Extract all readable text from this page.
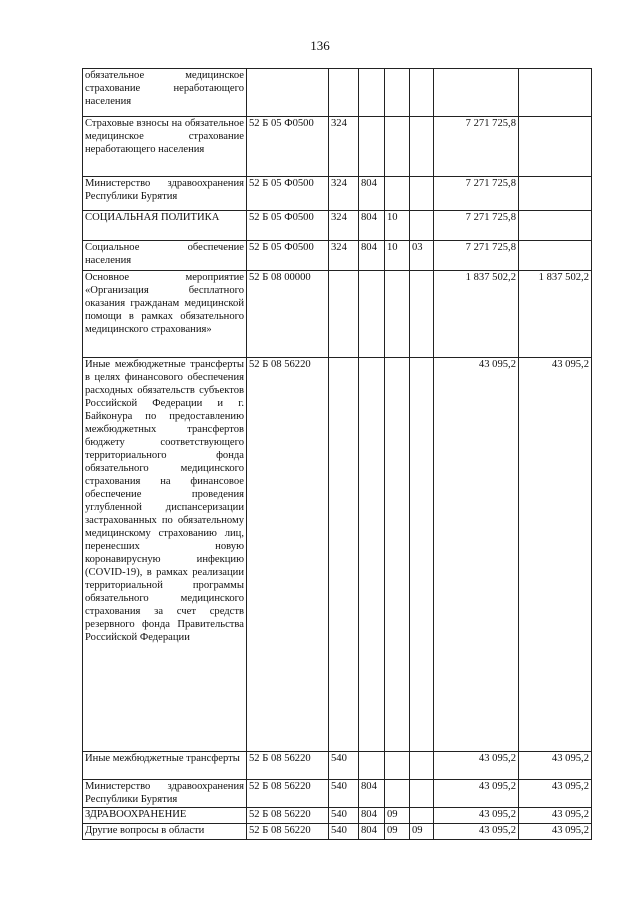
136
обязательное медицинское страхование неработающего населения							
Страховые взносы на обязательное медицинское страхование неработающего населения	52 Б 05 Ф0500	324				7 271 725,8	
Министерство здравоохранения Республики Бурятия	52 Б 05 Ф0500	324	804			7 271 725,8	
СОЦИАЛЬНАЯ ПОЛИТИКА	52 Б 05 Ф0500	324	804	10		7 271 725,8	
Социальное обеспечение населения	52 Б 05 Ф0500	324	804	10	03	7 271 725,8	
Основное мероприятие «Организация бесплатного оказания гражданам медицинской помощи в рамках обязательного медицинского страхования»	52 Б 08 00000					1 837 502,2	1 837 502,2
Иные межбюджетные трансферты в целях финансового обеспечения расходных обязательств субъектов Российской Федерации и г. Байконура по предоставлению межбюджетных трансфертов бюджету соответствующего территориального фонда обязательного медицинского страхования на финансовое обеспечение проведения углубленной диспансеризации застрахованных по обязательному медицинскому страхованию лиц, перенесших новую коронавирусную инфекцию (COVID-19), в рамках реализации территориальной программы обязательного медицинского страхования за счет средств резервного фонда Правительства Российской Федерации	52 Б 08 56220					43 095,2	43 095,2
Иные межбюджетные трансферты	52 Б 08 56220	540				43 095,2	43 095,2
Министерство здравоохранения Республики Бурятия	52 Б 08 56220	540	804			43 095,2	43 095,2
ЗДРАВООХРАНЕНИЕ	52 Б 08 56220	540	804	09		43 095,2	43 095,2
Другие вопросы в области	52 Б 08 56220	540	804	09	09	43 095,2	43 095,2
